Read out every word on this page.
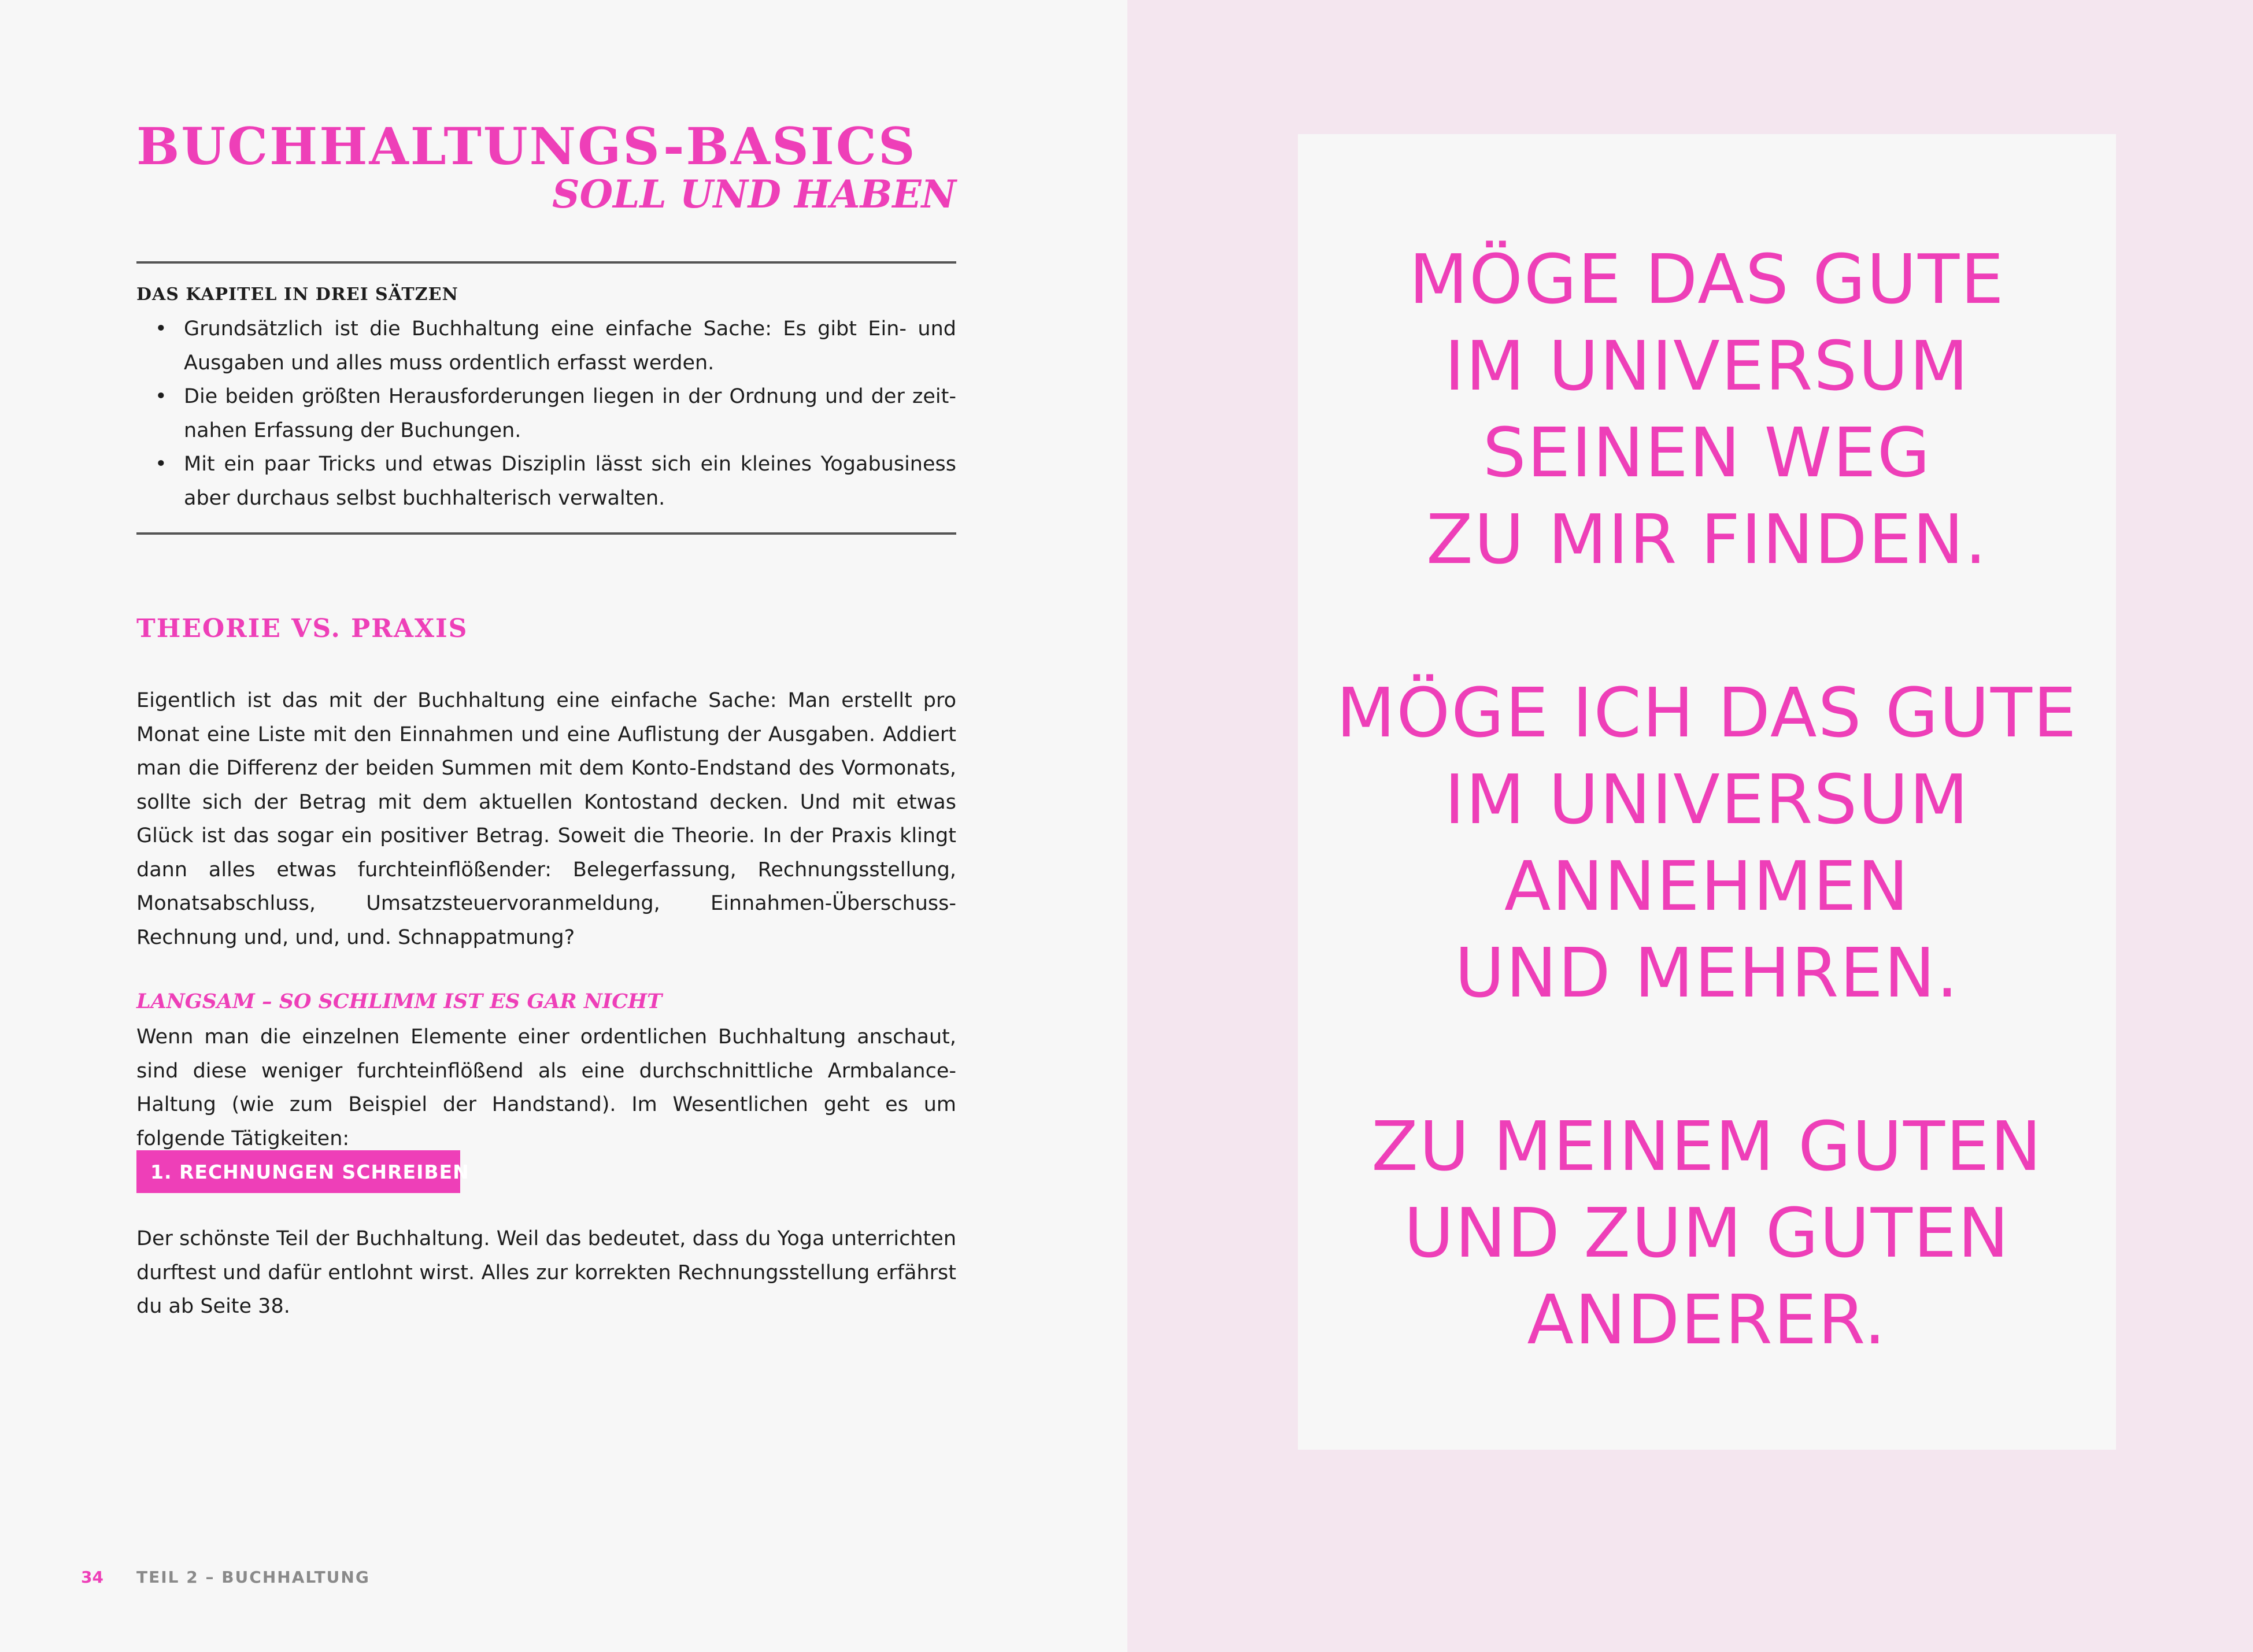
BUCHHALTUNGS-BASICS
SOLL UND HABEN
DAS KAPITEL IN DREI SÄTZEN
• Grundsätzlich ist die Buchhaltung eine einfache Sache: Es gibt Ein- und Ausgaben und alles muss ordentlich erfasst werden.
• Die beiden größten Herausforderungen liegen in der Ordnung und der zeitnahen Erfassung der Buchungen.
• Mit ein paar Tricks und etwas Disziplin lässt sich ein kleines Yogabusiness aber durchaus selbst buchhalterisch verwalten.
THEORIE VS. PRAXIS

Eigentlich ist das mit der Buchhaltung eine einfache Sache: Man erstellt pro Monat eine Liste mit den Einnahmen und eine Auflistung der Ausgaben. Addiert man die Differenz der beiden Summen mit dem Konto-Endstand des Vormonats, sollte sich der Betrag mit dem aktuellen Kontostand decken. Und mit etwas Glück ist das sogar ein positiver Betrag. Soweit die Theorie. In der Praxis klingt dann alles etwas furchteinflößender: Belegerfassung, Rechnungsstellung, Monatsabschluss, Umsatzsteuervoranmeldung, Einnahmen-Überschuss-Rechnung und, und, und. Schnappatmung?

LANGSAM – SO SCHLIMM IST ES GAR NICHT

Wenn man die einzelnen Elemente einer ordentlichen Buchhaltung anschaut, sind diese weniger furchteinflößend als eine durchschnittliche Armbalance-Haltung (wie zum Beispiel der Handstand). Im Wesentlichen geht es um folgende Tätigkeiten:

1. RECHNUNGEN SCHREIBEN

Der schönste Teil der Buchhaltung. Weil das bedeutet, dass du Yoga unterrichten durftest und dafür entlohnt wirst. Alles zur korrekten Rechnungsstellung erfährst du ab Seite 38.

34 TEIL 2 – BUCHHALTUNG

MÖGE DAS GUTE
IM UNIVERSUM
SEINEN WEG
ZU MIR FINDEN.

MÖGE ICH DAS GUTE
IM UNIVERSUM
ANNEHMEN
UND MEHREN.

ZU MEINEM GUTEN
UND ZUM GUTEN
ANDERER.
